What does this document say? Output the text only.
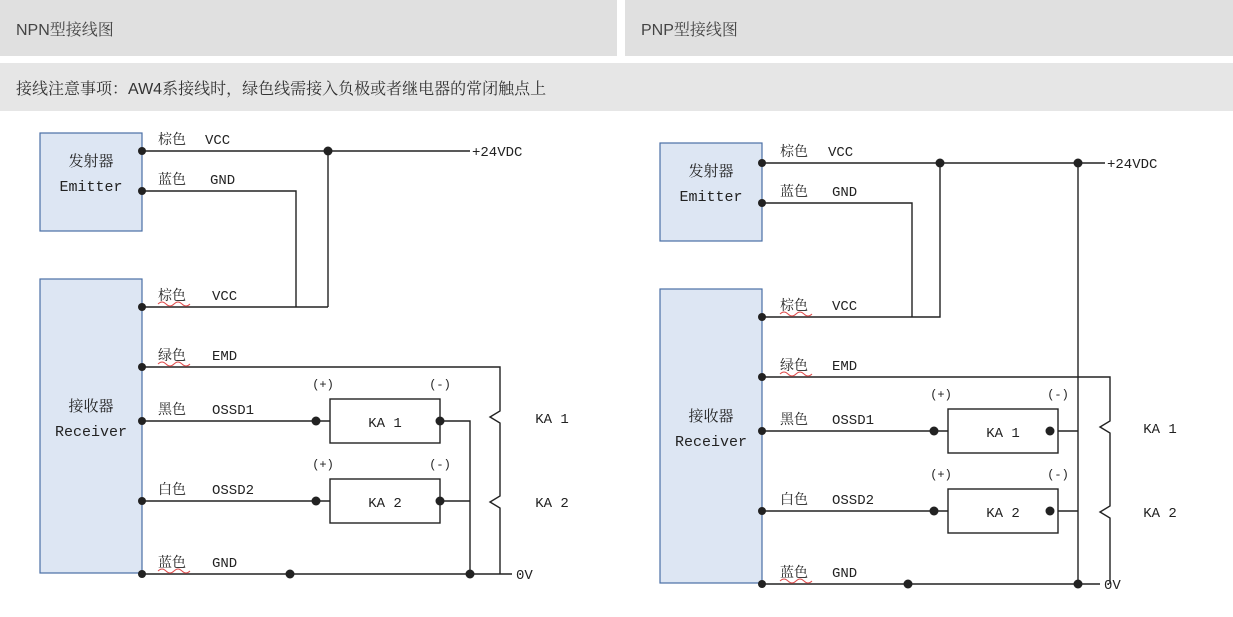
NPN型接线图	PNP型接线图
接线注意事项：AW4系接线时，绿色线需接入负极或者继电器的常闭触点上
发射器
Emitter
接收器
Receiver
棕色 VCC
+24VDC
蓝色 GND
棕色 VCC
绿色 EMD
黑色 OSSD1
KA 1
(+)	(-)
白色 OSSD2
KA 2
(+)	(-)
蓝色 GND
0V
KA 1
KA 2
发射器
Emitter
接收器
Receiver
棕色 VCC
+24VDC
蓝色 GND
棕色 VCC
绿色 EMD
黑色 OSSD1
KA 1
(+)	(-)
白色 OSSD2
KA 2
(+)	(-)
蓝色 GND
0V
KA 1
KA 2
